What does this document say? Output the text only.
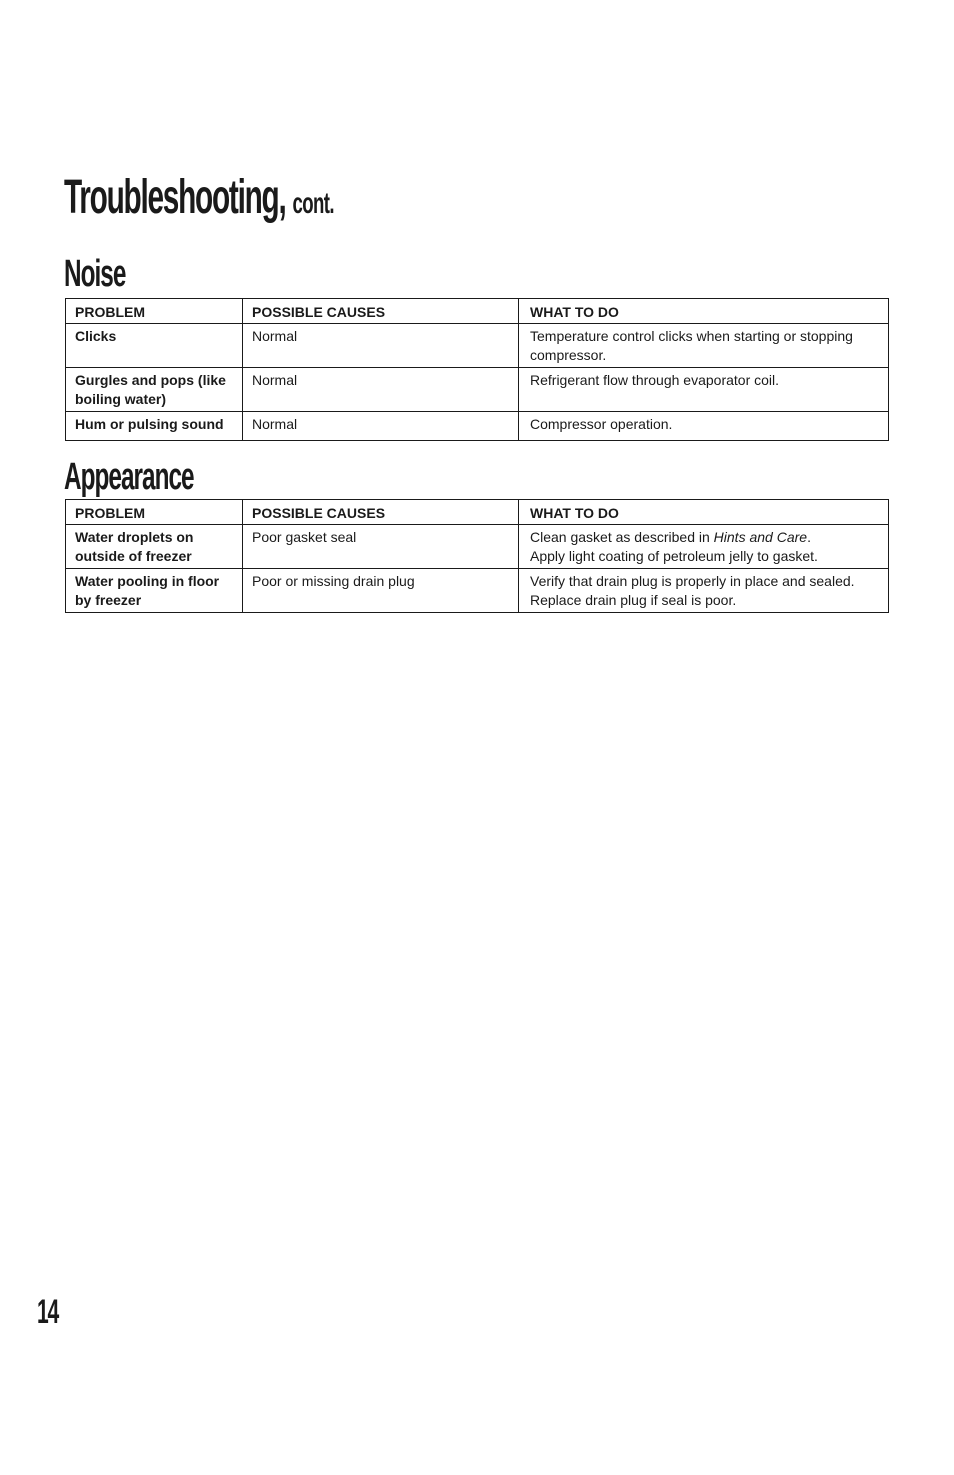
Troubleshooting, cont.
Noise
PROBLEM	POSSIBLE CAUSES	WHAT TO DO
Clicks	Normal	Temperature control clicks when starting or stopping compressor.
Gurgles and pops (like boiling water)	Normal	Refrigerant flow through evaporator coil.
Hum or pulsing sound	Normal	Compressor operation.
Appearance
PROBLEM	POSSIBLE CAUSES	WHAT TO DO
Water droplets on outside of freezer	Poor gasket seal	Clean gasket as described in Hints and Care.
Apply light coating of petroleum jelly to gasket.
Water pooling in floor by freezer	Poor or missing drain plug	Verify that drain plug is properly in place and sealed.
Replace drain plug if seal is poor.
14
